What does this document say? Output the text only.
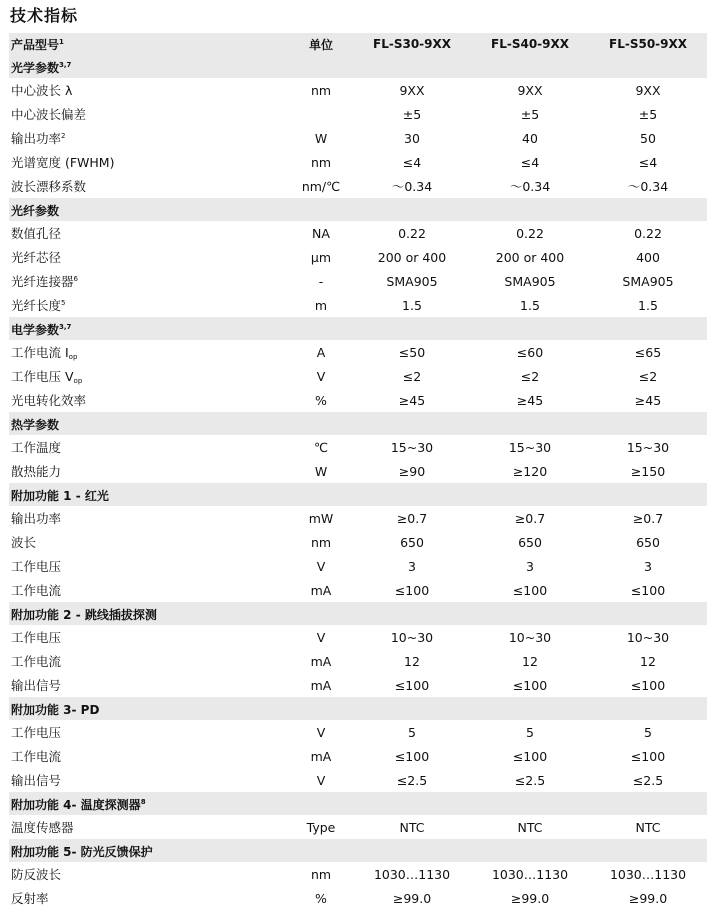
技术指标
产品型号$^1$	单位	FL-S30-9XX	FL-S40-9XX	FL-S50-9XX
光学参数$^{3,7}$
中心波长 λ	nm	9XX	9XX	9XX
中心波长偏差		±5	±5	±5
输出功率$^2$	W	30	40	50
光谱宽度 (FWHM)	nm	≤4	≤4	≤4
波长漂移系数	nm/℃	～0.34	～0.34	～0.34
光纤参数				
数值孔径	NA	0.22	0.22	0.22
光纤芯径	μm	200 or 400	200 or 400	400
光纤连接器$^6$	-	SMA905	SMA905	SMA905
光纤长度$^5$	m	1.5	1.5	1.5
电学参数$^{3,7}$
工作电流 $I_{op}$	A	≤50	≤60	≤65
工作电压 $V_{op}$	V	≤2	≤2	≤2
光电转化效率	%	≥45	≥45	≥45
热学参数				
工作温度	℃	15~30	15~30	15~30
散热能力	W	≥90	≥120	≥150
附加功能 1 - 红光				
输出功率	mW	≥0.7	≥0.7	≥0.7
波长	nm	650	650	650
工作电压	V	3	3	3
工作电流	mA	≤100	≤100	≤100
附加功能 2 - 跳线插拔探测				
工作电压	V	10~30	10~30	10~30
工作电流	mA	12	12	12
输出信号	mA	≤100	≤100	≤100
附加功能 3- PD				
工作电压	V	5	5	5
工作电流	mA	≤100	≤100	≤100
输出信号	V	≤2.5	≤2.5	≤2.5
附加功能 4- 温度探测器$^8$
温度传感器	Type	NTC	NTC	NTC
附加功能 5- 防光反馈保护				
防反波长	nm	1030…1130	1030…1130	1030…1130
反射率	%	≥99.0	≥99.0	≥99.0
